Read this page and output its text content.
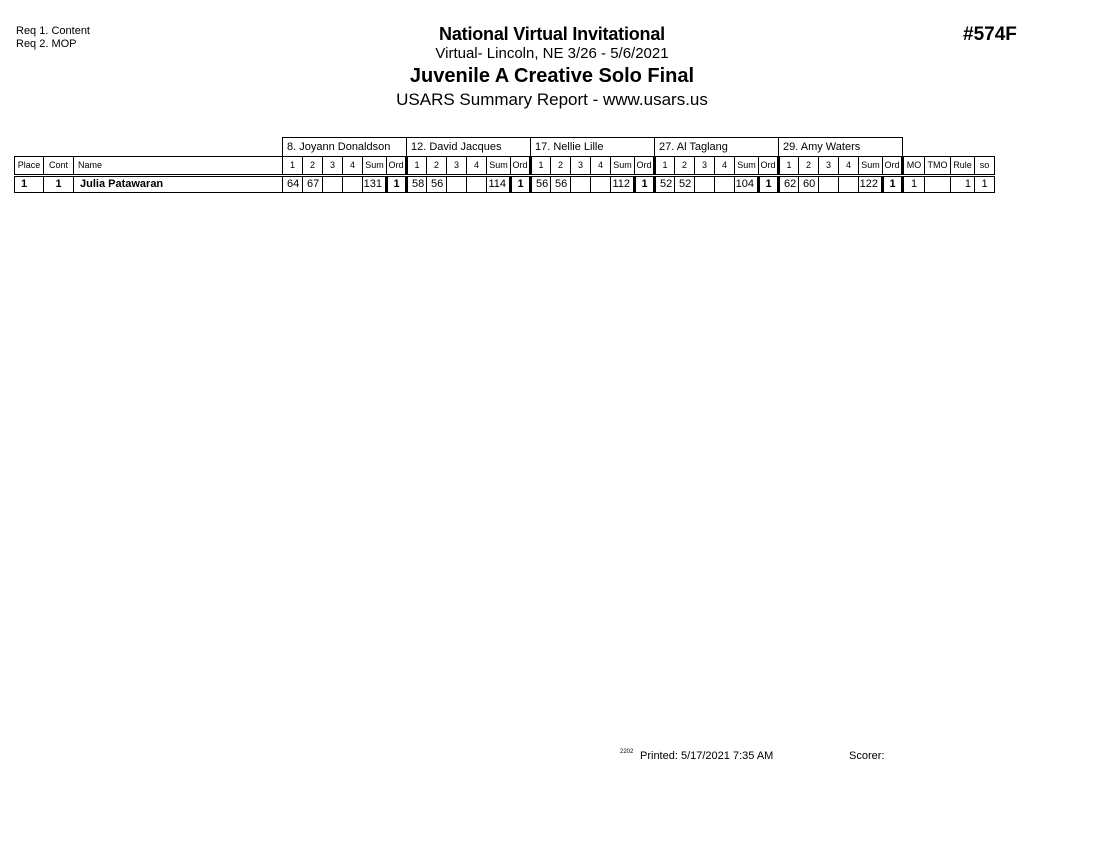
Req 1. Content
Req 2. MOP	National Virtual Invitational
Virtual- Lincoln, NE 3/26 - 5/6/2021
Juvenile A Creative Solo Final
USARS Summary Report - www.usars.us
#574F
			8. Joyann Donaldson						12. David Jacques						17. Nellie Lille						27. Al Taglang						29. Amy Waters									
Place	Cont	Name	1	2	3	4	Sum	Ord	1	2	3	4	Sum	Ord	1	2	3	4	Sum	Ord	1	2	3	4	Sum	Ord	1	2	3	4	Sum	Ord	MO	TMO	Rule	so
1	1	Julia Patawaran	64	67			131	1	58	56			114	1	56	56			112	1	52	52			104	1	62	60			122	1	1		1	1
2202 Printed: 5/17/2021 7:35 AM	Scorer:
